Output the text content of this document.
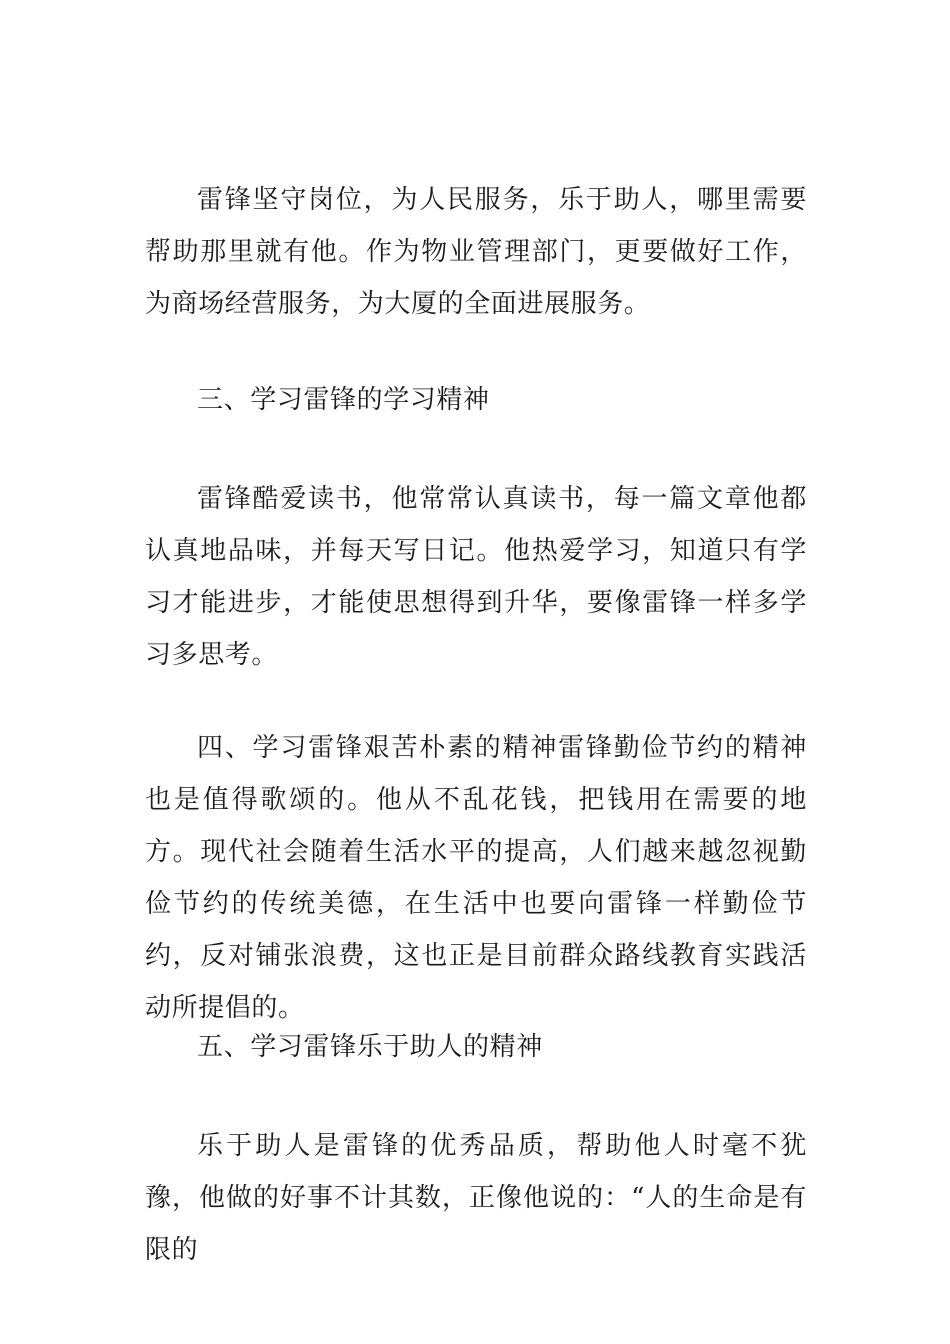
雷锋坚守岗位，为人民服务，乐于助人，哪里需要帮助那里就有他。作为物业管理部门，更要做好工作，为商场经营服务，为大厦的全面进展服务。

三、学习雷锋的学习精神

雷锋酷爱读书，他常常认真读书，每一篇文章他都认真地品味，并每天写日记。他热爱学习，知道只有学习才能进步，才能使思想得到升华，要像雷锋一样多学习多思考。

四、学习雷锋艰苦朴素的精神雷锋勤俭节约的精神也是值得歌颂的。他从不乱花钱，把钱用在需要的地方。现代社会随着生活水平的提高，人们越来越忽视勤俭节约的传统美德，在生活中也要向雷锋一样勤俭节约，反对铺张浪费，这也正是目前群众路线教育实践活动所提倡的。

五、学习雷锋乐于助人的精神

乐于助人是雷锋的优秀品质，帮助他人时毫不犹豫，他做的好事不计其数，正像他说的：“人的生命是有限的
